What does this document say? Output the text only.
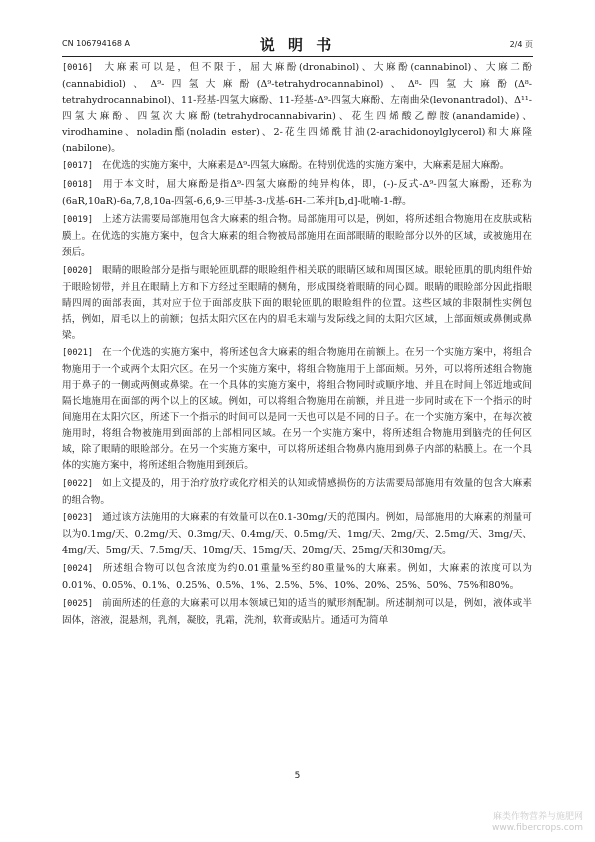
CN 106794168 A	说 明 书	2/4 页

[0016] 大麻素可以是，但不限于，屈大麻酚(dronabinol)、大麻酚(cannabinol)、大麻二酚(cannabidiol)、Δ⁹-四氢大麻酚(Δ⁹-tetrahydrocannabinol)、Δ⁸-四氢大麻酚(Δ⁸-tetrahydrocannabinol)、11-羟基-四氢大麻酚、11-羟基-Δ⁹-四氢大麻酚、左南曲朵(levonantradol)、Δ¹¹-四氢大麻酚、四氢次大麻酚(tetrahydrocannabivarin)、花生四烯酸乙醇胺(anandamide)、virodhamine、noladin酯(noladin ester)、2-花生四烯酰甘油(2-arachidonoylglycerol)和大麻隆(nabilone)。

[0017] 在优选的实施方案中，大麻素是Δ⁹-四氢大麻酚。在特别优选的实施方案中，大麻素是屈大麻酚。

[0018] 用于本文时，屈大麻酚是指Δ⁹-四氢大麻酚的纯异构体，即，(-)-反式-Δ⁹-四氢大麻酚，还称为(6aR,10aR)-6a,7,8,10a-四氢-6,6,9-三甲基-3-戊基-6H-二苯并[b,d]-吡喃-1-醇。

[0019] 上述方法需要局部施用包含大麻素的组合物。局部施用可以是，例如，将所述组合物施用在皮肤或粘膜上。在优选的实施方案中，包含大麻素的组合物被局部施用在面部眼睛的眼睑部分以外的区域，或被施用在颈后。

[0020] 眼睛的眼睑部分是指与眼轮匝肌群的眼睑组件相关联的眼睛区域和周围区域。眼轮匝肌的肌肉组件始于眼睑韧带，并且在眼睛上方和下方经过至眼睛的侧角，形成围绕着眼睛的同心圆。眼睛的眼睑部分因此指眼睛四周的面部表面，其对应于位于面部皮肤下面的眼轮匝肌的眼睑组件的位置。这些区域的非限制性实例包括，例如，眉毛以上的前额；包括太阳穴区在内的眉毛末端与发际线之间的太阳穴区域，上部面颊或鼻侧或鼻梁。

[0021] 在一个优选的实施方案中，将所述包含大麻素的组合物施用在前额上。在另一个实施方案中，将组合物施用于一个或两个太阳穴区。在另一个实施方案中，将组合物施用于上部面颊。另外，可以将所述组合物施用于鼻子的一侧或两侧或鼻梁。在一个具体的实施方案中，将组合物同时或顺序地、并且在时间上邻近地或间隔长地施用在面部的两个以上的区域。例如，可以将组合物施用在前额，并且进一步同时或在下一个指示的时间施用在太阳穴区，所述下一个指示的时间可以是同一天也可以是不同的日子。在一个实施方案中，在每次被施用时，将组合物被施用到面部的上部相同区域。在另一个实施方案中，将所述组合物施用到脑壳的任何区域，除了眼睛的眼睑部分。在另一个实施方案中，可以将所述组合物鼻内施用到鼻子内部的粘膜上。在一个具体的实施方案中，将所述组合物施用到颈后。

[0022] 如上文提及的，用于治疗放疗或化疗相关的认知或情感损伤的方法需要局部施用有效量的包含大麻素的组合物。

[0023] 通过该方法施用的大麻素的有效量可以在0.1-30mg/天的范围内。例如，局部施用的大麻素的剂量可以为0.1mg/天、0.2mg/天、0.3mg/天、0.4mg/天、0.5mg/天、1mg/天、2mg/天、2.5mg/天、3mg/天、4mg/天、5mg/天、7.5mg/天、10mg/天、15mg/天、20mg/天、25mg/天和30mg/天。

[0024] 所述组合物可以包含浓度为约0.01重量%至约80重量%的大麻素。例如，大麻素的浓度可以为0.01%、0.05%、0.1%、0.25%、0.5%、1%、2.5%、5%、10%、20%、25%、50%、75%和80%。

[0025] 前面所述的任意的大麻素可以用本领域已知的适当的赋形剂配制。所述制剂可以是，例如，液体或半固体，溶液，混悬剂，乳剂，凝胶，乳霜，洗剂，软膏或贴片。通适可为简单

5
麻类作物营养与施肥网
www.fibercrops.com
